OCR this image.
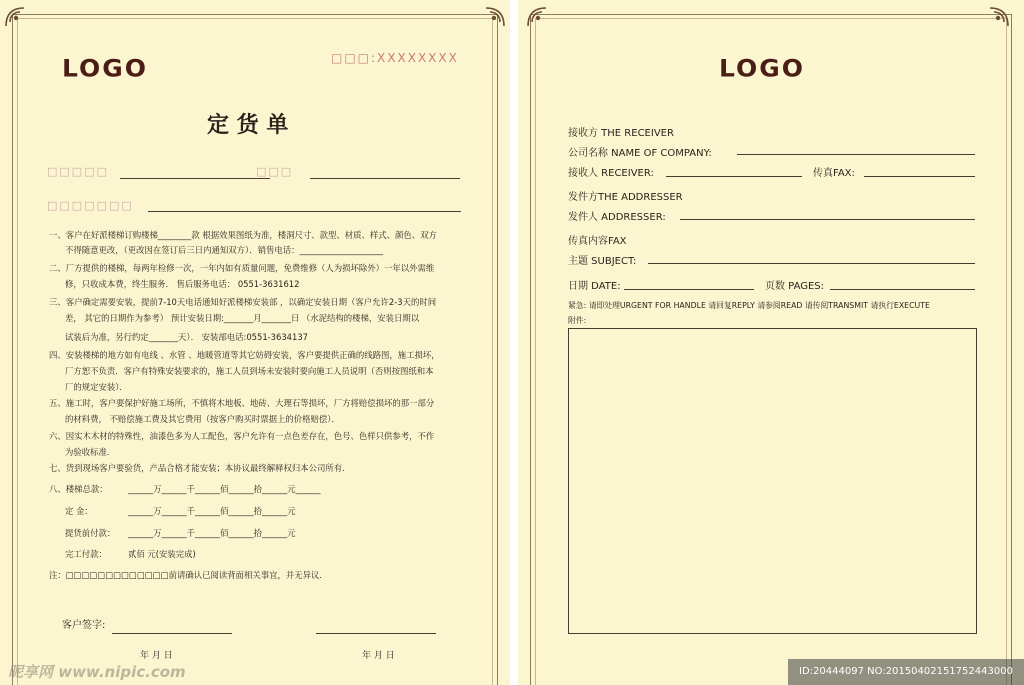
LOGO	□□□:XXXXXXXX
定 货 单
□□□□□	□□□
□□□□□□□
一、客户在好派楼梯订购楼梯________款 根据效果图纸为准，楼洞尺寸、款型、材质、样式、颜色、双方
不得随意更改，（更改因在签订后三日内通知双方）．销售电话：____________________
二、厂方提供的楼梯，每两年检修一次，一年内如有质量问题，免费维修（人为损坏除外）一年以外需维
修，只收成本费，终生服务． 售后服务电话： 0551-3631612
三、客户确定需要安装，提前7-10天电话通知好派楼梯安装部 ，以确定安装日期（客户允许2-3天的时间
差， 其它的日期作为参考） 预计安装日期:_______月_______日 （水泥结构的楼梯，安装日期以
试装后为准，另行约定_______天）． 安装部电话:0551-3634137
四、安装楼梯的地方如有电线 、水管 、地暖管道等其它妨碍安装，客户要提供正确的线路图，施工损坏，
厂方恕不负责．客户有特殊安装要求的，施工人员到场未安装时要向施工人员说明（否则按图纸和本
厂的规定安装）．
五、施工时，客户要保护好施工场所，不慎将木地板、地砖、大理石等损坏，厂方将赔偿损坏的那一部分
的材料费， 不赔偿施工费及其它费用（按客户购买时票据上的价格赔偿）．
六、因实木木材的特殊性，油漆色多为人工配色，客户允许有一点色差存在，色号、色样只供参考，不作
为验收标准．
七、货到现场客户要验货，产品合格才能安装；本协议最终解释权归本公司所有．
八、楼梯总款： ______万______千______佰______拾______元______
定 金：	______万______千______佰______拾______元
提货前付款： ______万______千______佰______拾______元
完工付款：	贰佰 元(安装完成)
注：□□□□□□□□□□□□□前请确认已阅读背面相关事宜，并无异议．
客户签字:
年 月 日	年 月 日
LOGO
接收方 THE RECEIVER
公司名称 NAME OF COMPANY:
接收人 RECEIVER:	传真FAX:
发件方THE ADDRESSER
发件人 ADDRESSER:
传真内容FAX
主题 SUBJECT:
日期 DATE:	页数 PAGES:
紧急: 请即处理URGENT FOR HANDLE 请回复REPLY 请参阅READ 请传阅TRANSMIT 请执行EXECUTE
附件:
昵享网 www.nipic.com	ID:20444097 NO:20150402151752443000
